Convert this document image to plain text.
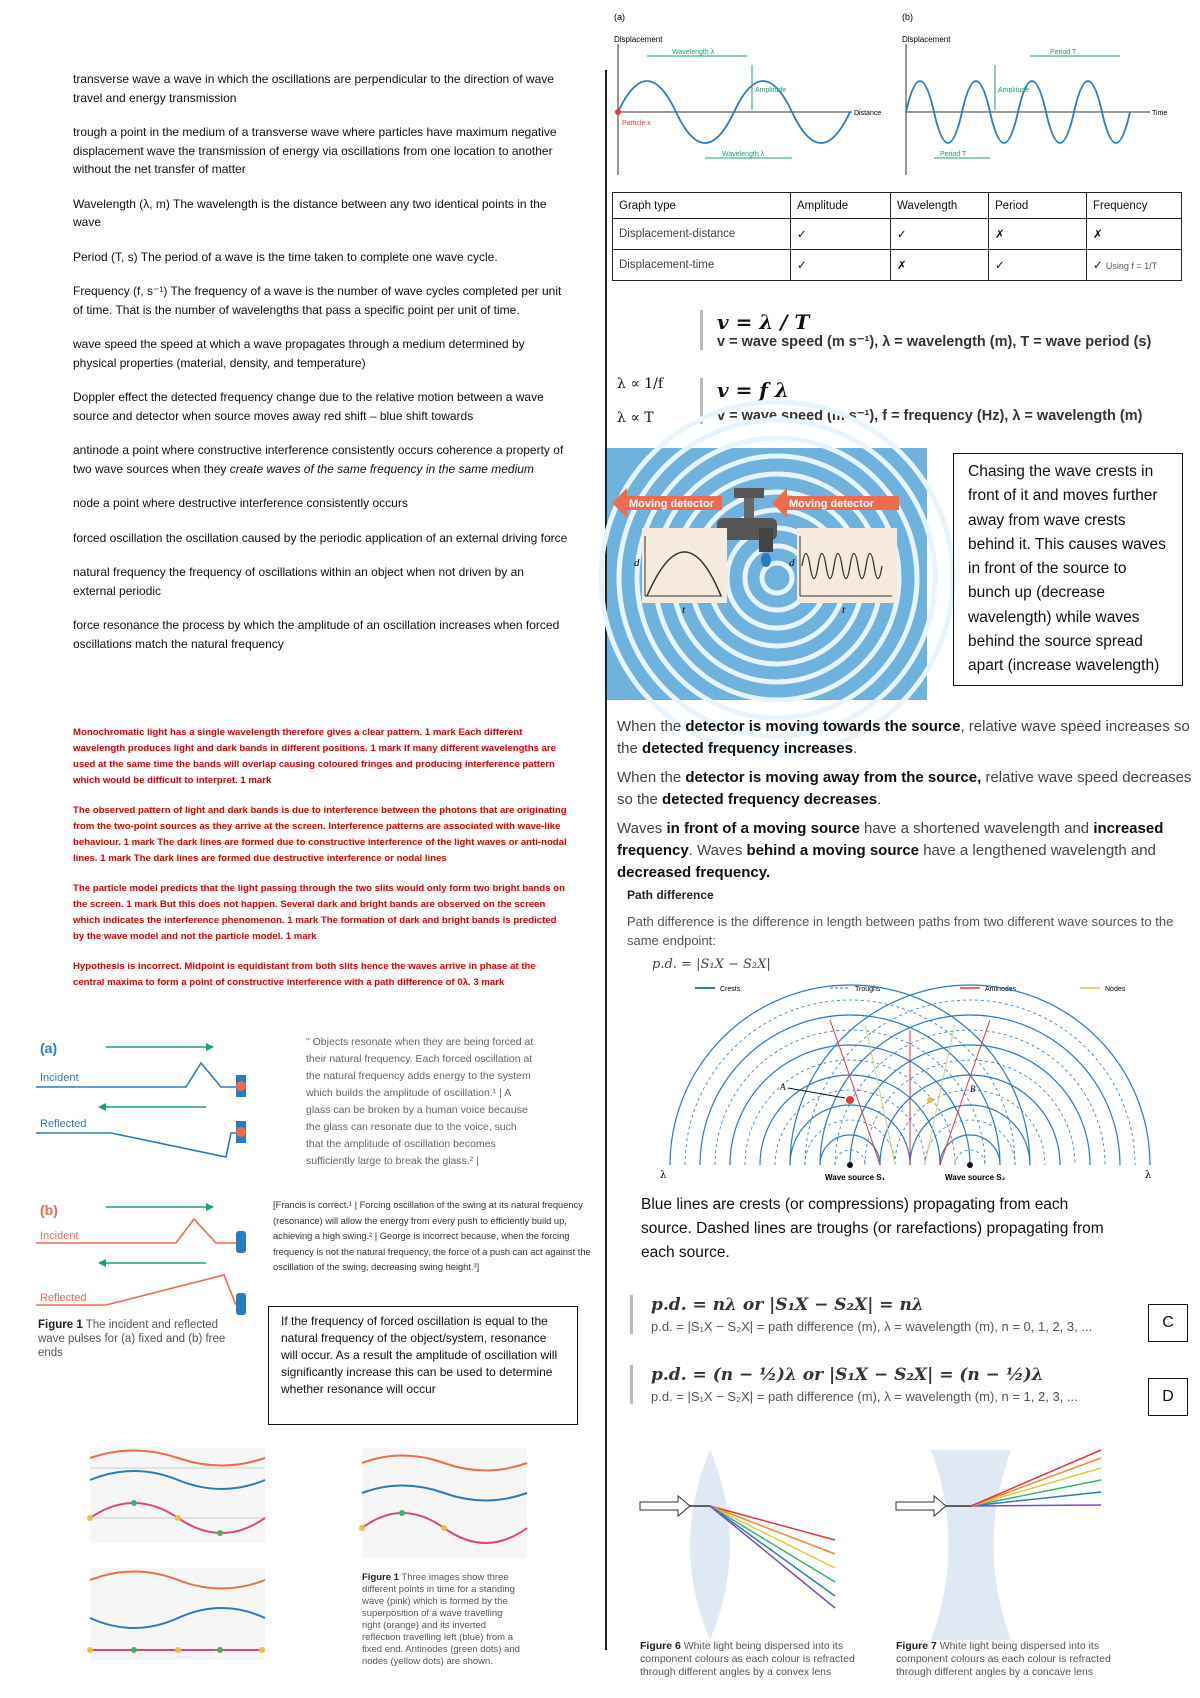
transverse wave a wave in which the oscillations are perpendicular to the direction of wave travel and energy transmission
trough a point in the medium of a transverse wave where particles have maximum negative displacement wave the transmission of energy via oscillations from one location to another without the net transfer of matter
Wavelength (λ, m) The wavelength is the distance between any two identical points in the wave
Period (T, s) The period of a wave is the time taken to complete one wave cycle.
Frequency (f, s⁻¹) The frequency of a wave is the number of wave cycles completed per unit of time. That is the number of wavelengths that pass a specific point per unit of time.
wave speed the speed at which a wave propagates through a medium determined by physical properties (material, density, and temperature)
Doppler effect the detected frequency change due to the relative motion between a wave source and detector when source moves away red shift – blue shift towards
antinode a point where constructive interference consistently occurs coherence a property of two wave sources when they create waves of the same frequency in the same medium
node a point where destructive interference consistently occurs
forced oscillation the oscillation caused by the periodic application of an external driving force
natural frequency the frequency of oscillations within an object when not driven by an external periodic
force resonance the process by which the amplitude of an oscillation increases when forced oscillations match the natural frequency

Monochromatic light has a single wavelength therefore gives a clear pattern. 1 mark Each different wavelength produces light and dark bands in different positions. 1 mark If many different wavelengths are used at the same time the bands will overlap causing coloured fringes and producing interference pattern which would be difficult to interpret. 1 mark

The observed pattern of light and dark bands is due to interference between the photons that are originating from the two-point sources as they arrive at the screen. Interference patterns are associated with wave-like behaviour. 1 mark The dark lines are formed due to constructive interference of the light waves or anti-nodal lines. 1 mark The dark lines are formed due destructive interference or nodal lines

The particle model predicts that the light passing through the two slits would only form two bright bands on the screen. 1 mark But this does not happen. Several dark and bright bands are observed on the screen which indicates the interference phenomenon. 1 mark The formation of dark and bright bands is predicted by the wave model and not the particle model. 1 mark

Hypothesis is incorrect. Midpoint is equidistant from both slits hence the waves arrive in phase at the central maxima to form a point of constructive interference with a path difference of 0λ. 3 mark

(a)
Incident
Reflected
(b)
Incident
Reflected
Figure 1 The incident and reflected wave pulses for (a) fixed and (b) free ends
" Objects resonate when they are being forced at their natural frequency. Each forced oscillation at the natural frequency adds energy to the system which builds the amplitude of oscillation.¹ | A glass can be broken by a human voice because the glass can resonate due to the voice, such that the amplitude of oscillation becomes sufficiently large to break the glass.² |
[Francis is correct.¹ | Forcing oscillation of the swing at its natural frequency (resonance) will allow the energy from every push to efficiently build up, achieving a high swing.² | George is incorrect because, when the forcing frequency is not the natural frequency, the force of a push can act against the oscillation of the swing, decreasing swing height.³]
If the frequency of forced oscillation is equal to the natural frequency of the object/system, resonance will occur. As a result the amplitude of oscillation will significantly increase this can be used to determine whether resonance will occur
Figure 1 Three images show three different points in time for a standing wave (pink) which is formed by the superposition of a wave travelling right (orange) and its inverted reflection travelling left (blue) from a fixed end. Antinodes (green dots) and nodes (yellow dots) are shown.
(a)
Displacement
Distance
Wavelength λ
Amplitude
Wavelength λ
Particle x
(b)
Displacement
Time
Period T
Amplitude
Period T
Graph type	Amplitude	Wavelength	Period	Frequency
Displacement-distance	✓	✓	✗	✗
Displacement-time	✓	✗	✓	✓ Using f = 1/T
v = λ / T
v = wave speed (m s⁻¹), λ = wavelength (m), T = wave period (s)
λ ∝ 1/f
λ ∝ T
v = f λ
v = wave speed (m s⁻¹), f = frequency (Hz), λ = wavelength (m)
Moving detector	Moving detector
d
t
d
t
Chasing the wave crests in front of it and moves further away from wave crests behind it. This causes waves in front of the source to bunch up (decrease wavelength) while waves behind the source spread apart (increase wavelength)
When the detector is moving towards the source, relative wave speed increases so the detected frequency increases.
When the detector is moving away from the source, relative wave speed decreases so the detected frequency decreases.
Waves in front of a moving source have a shortened wavelength and increased frequency. Waves behind a moving source have a lengthened wavelength and decreased frequency.
Path difference
Path difference is the difference in length between paths from two different wave sources to the same endpoint:
p.d. = |S₁X − S₂X|
Crests	Troughs	Antinodes	Nodes
A	B
Wave source S₁	Wave source S₂
λ	λ
Blue lines are crests (or compressions) propagating from each source. Dashed lines are troughs (or rarefactions) propagating from each source.
p.d. = nλ or |S₁X − S₂X| = nλ
p.d. = |S₁X − S₂X| = path difference (m), λ = wavelength (m), n = 0, 1, 2, 3, ...	C
p.d. = (n − ½)λ or |S₁X − S₂X| = (n − ½)λ
p.d. = |S₁X − S₂X| = path difference (m), λ = wavelength (m), n = 1, 2, 3, ...	D
Figure 6 White light being dispersed into its component colours as each colour is refracted through different angles by a convex lens
Figure 7 White light being dispersed into its component colours as each colour is refracted through different angles by a concave lens
